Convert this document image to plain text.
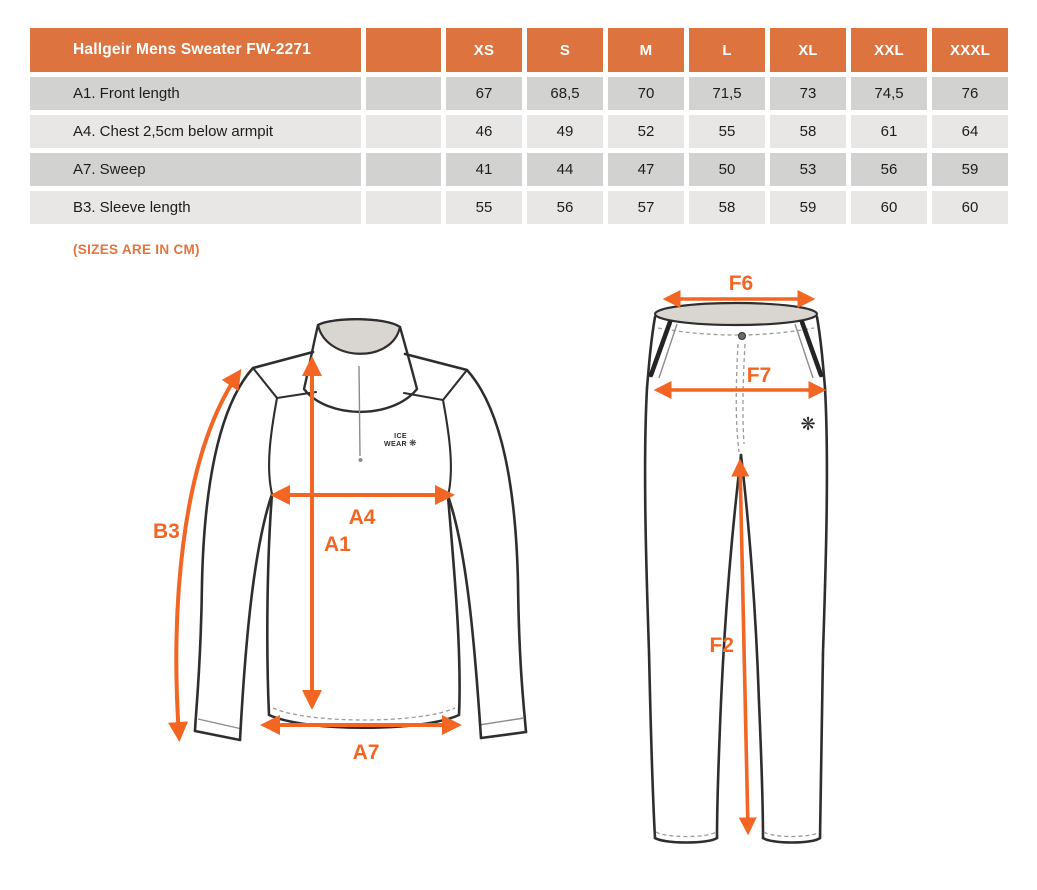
Hallgeir Mens Sweater FW-2271	XS	S	M	L	XL	XXL	XXXL
A1. Front length	67	68,5	70	71,5	73	74,5	76
A4. Chest 2,5cm below armpit	46	49	52	55	58	61	64
A7. Sweep	41	44	47	50	53	56	59
B3. Sleeve length	55	56	57	58	59	60	60
(SIZES ARE IN CM)
ICE
WEAR ❋
B3
A4
A1
A7
❋
F6
F7
F2
